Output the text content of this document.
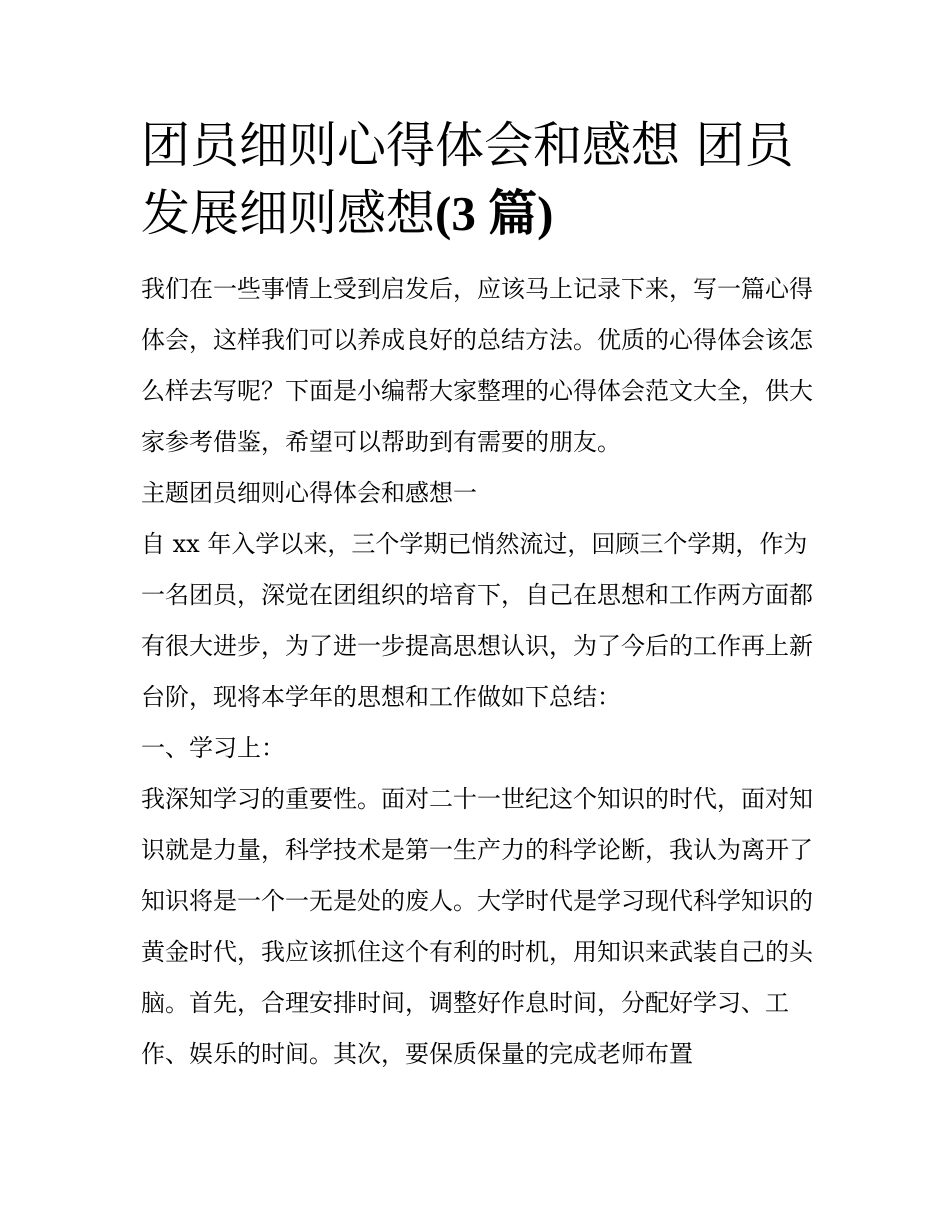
团员细则心得体会和感想 团员
发展细则感想(3 篇)

我们在一些事情上受到启发后，应该马上记录下来，写一篇心得体会，这样我们可以养成良好的总结方法。优质的心得体会该怎么样去写呢？下面是小编帮大家整理的心得体会范文大全，供大家参考借鉴，希望可以帮助到有需要的朋友。

主题团员细则心得体会和感想一

自 xx 年入学以来，三个学期已悄然流过，回顾三个学期，作为一名团员，深觉在团组织的培育下，自己在思想和工作两方面都有很大进步，为了进一步提高思想认识，为了今后的工作再上新台阶，现将本学年的思想和工作做如下总结：

一、学习上：

我深知学习的重要性。面对二十一世纪这个知识的时代，面对知识就是力量，科学技术是第一生产力的科学论断，我认为离开了知识将是一个一无是处的废人。大学时代是学习现代科学知识的黄金时代，我应该抓住这个有利的时机，用知识来武装自己的头脑。首先，合理安排时间，调整好作息时间，分配好学习、工作、娱乐的时间。其次，要保质保量的完成老师布置
